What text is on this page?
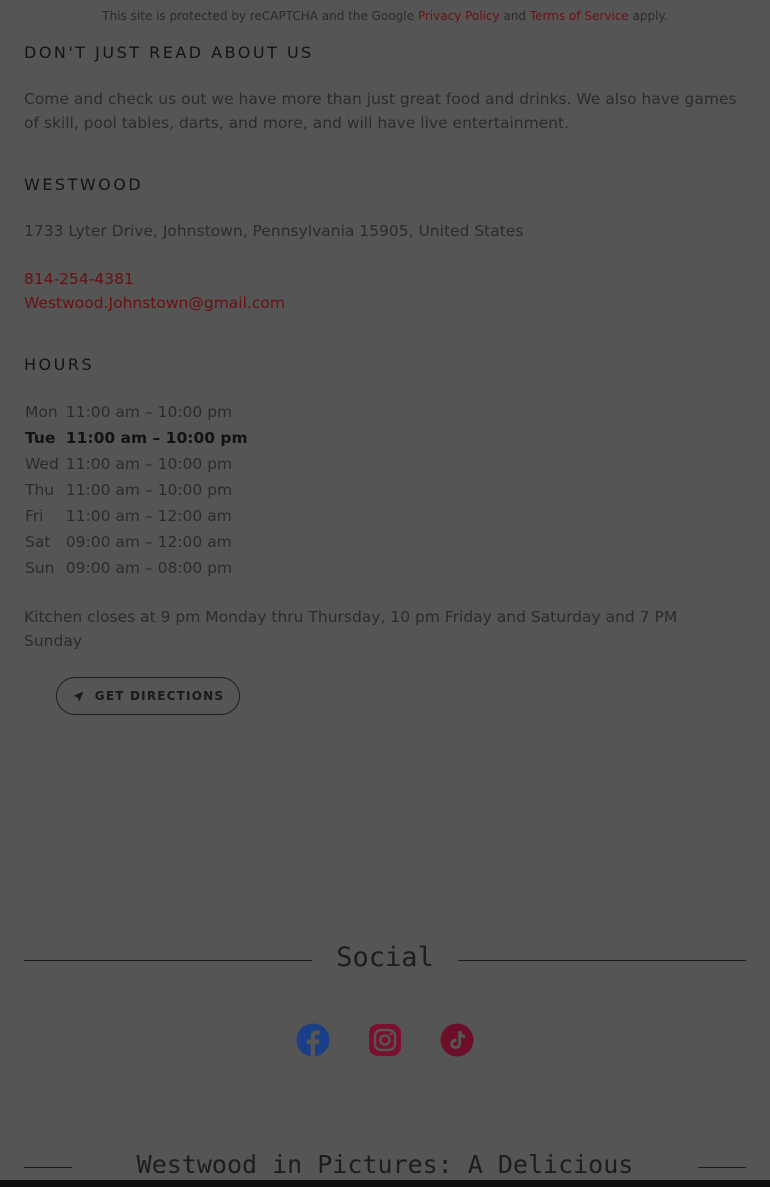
This site is protected by reCAPTCHA and the Google Privacy Policy and Terms of Service apply.
DON'T JUST READ ABOUT US

Come and check us out we have more than just great food and drinks. We also have games of skill, pool tables, darts, and more, and will have live entertainment.

WESTWOOD

1733 Lyter Drive, Johnstown, Pennsylvania 15905, United States

814-254-4381
Westwood.Johnstown@gmail.com
HOURS
Mon	11:00 am – 10:00 pm
Tue	11:00 am – 10:00 pm
Wed	11:00 am – 10:00 pm
Thu	11:00 am – 10:00 pm
Fri	11:00 am – 12:00 am
Sat	09:00 am – 12:00 am
Sun	09:00 am – 08:00 pm

Kitchen closes at 9 pm Monday thru Thursday, 10 pm Friday and Saturday and 7 PM Sunday

GET DIRECTIONS
Social
Westwood in Pictures: A Delicious
